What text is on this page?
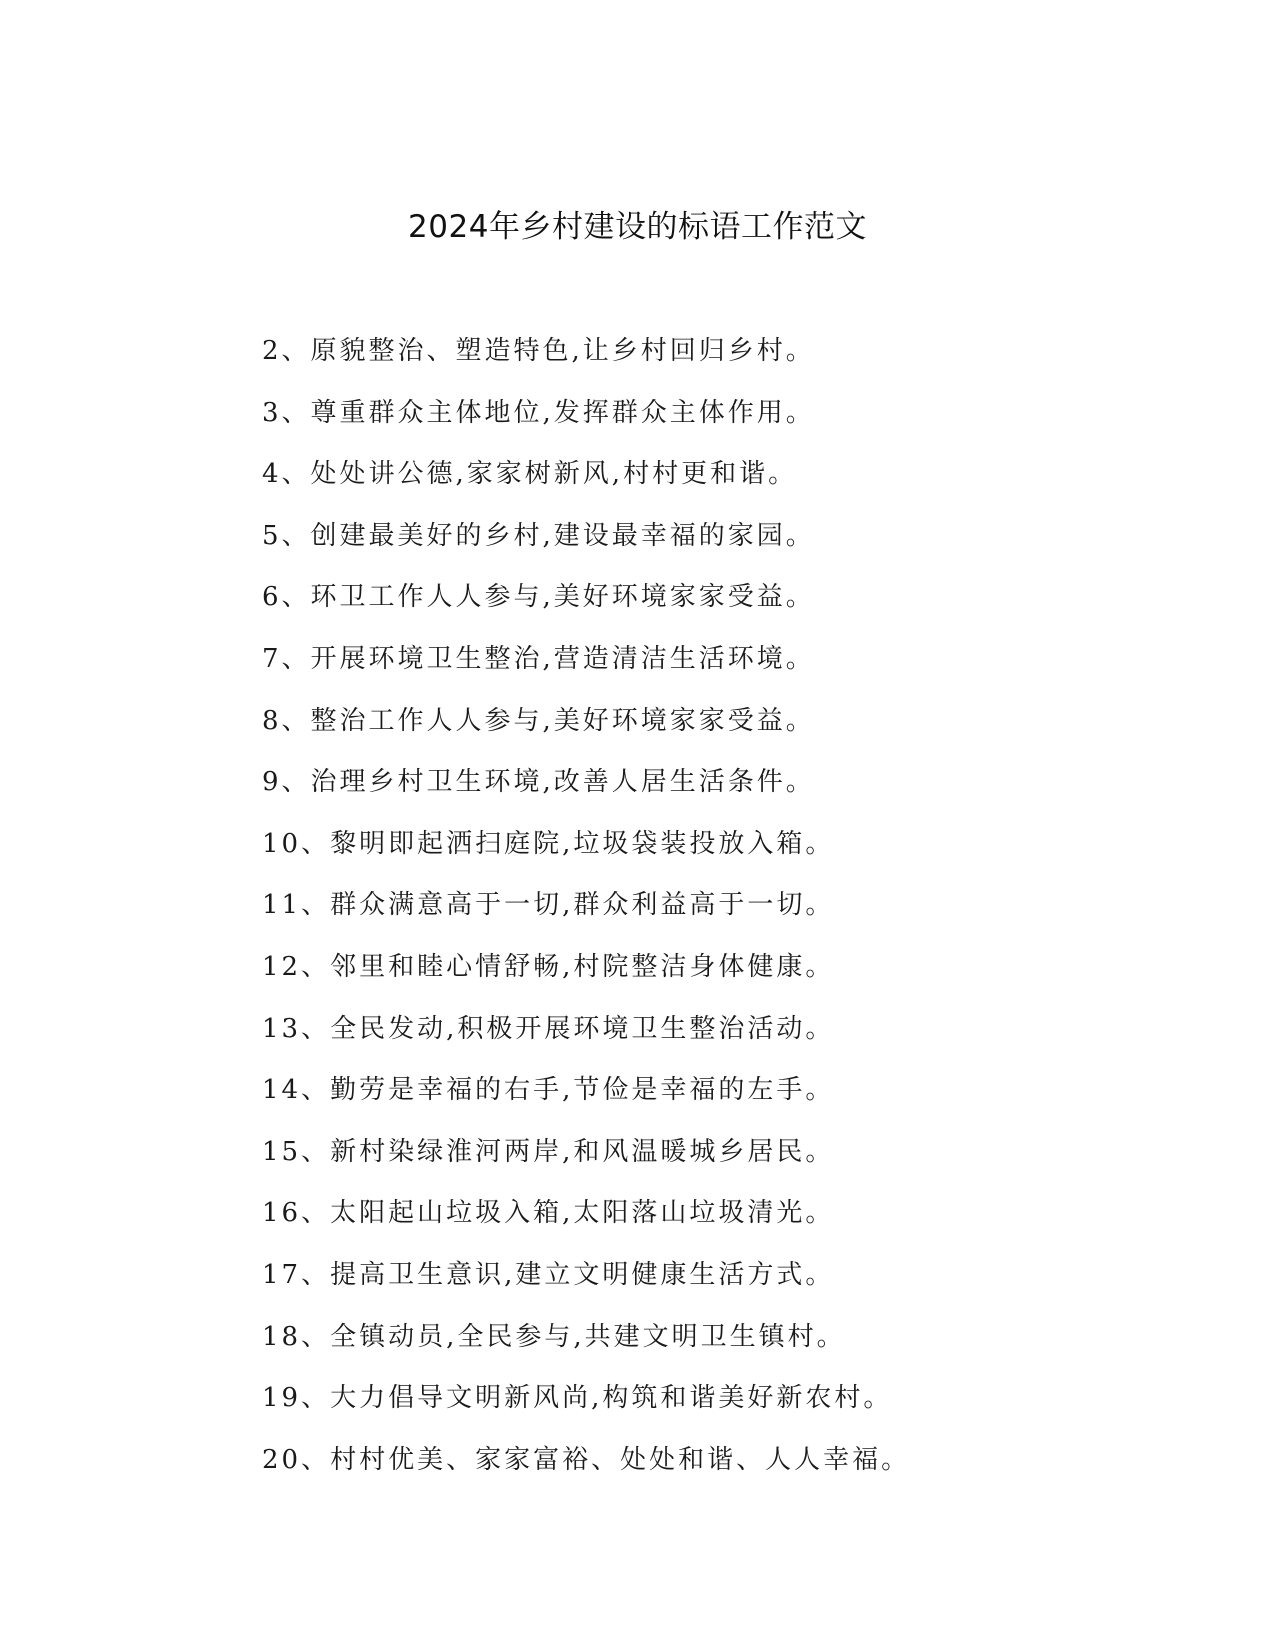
2024年乡村建设的标语工作范文
2、原貌整治、塑造特色,让乡村回归乡村。
3、尊重群众主体地位,发挥群众主体作用。
4、处处讲公德,家家树新风,村村更和谐。
5、创建最美好的乡村,建设最幸福的家园。
6、环卫工作人人参与,美好环境家家受益。
7、开展环境卫生整治,营造清洁生活环境。
8、整治工作人人参与,美好环境家家受益。
9、治理乡村卫生环境,改善人居生活条件。
10、黎明即起洒扫庭院,垃圾袋装投放入箱。
11、群众满意高于一切,群众利益高于一切。
12、邻里和睦心情舒畅,村院整洁身体健康。
13、全民发动,积极开展环境卫生整治活动。
14、勤劳是幸福的右手,节俭是幸福的左手。
15、新村染绿淮河两岸,和风温暖城乡居民。
16、太阳起山垃圾入箱,太阳落山垃圾清光。
17、提高卫生意识,建立文明健康生活方式。
18、全镇动员,全民参与,共建文明卫生镇村。
19、大力倡导文明新风尚,构筑和谐美好新农村。
20、村村优美、家家富裕、处处和谐、人人幸福。
